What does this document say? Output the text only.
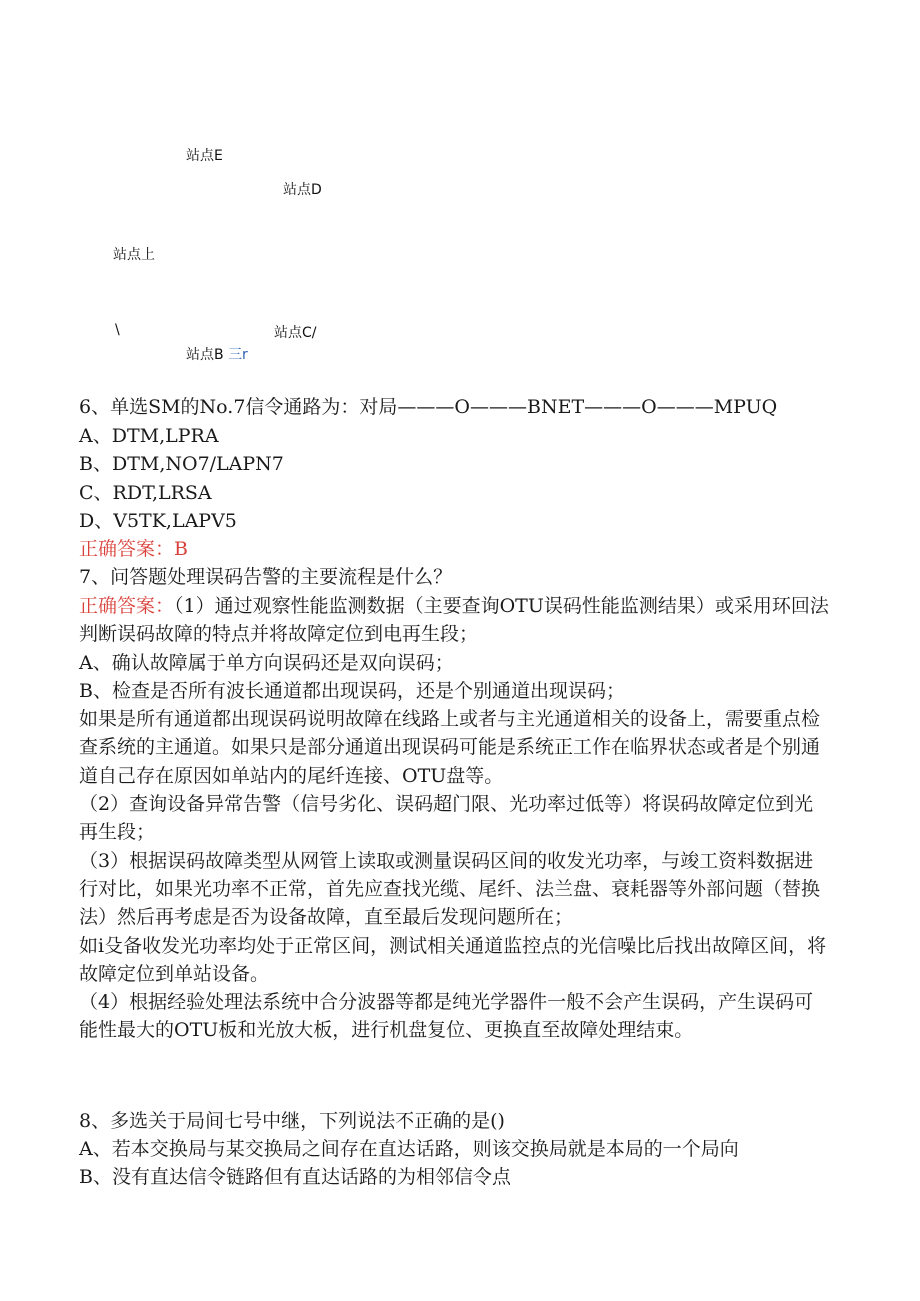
站点E
站点D
站点上
\	站点C/
站点B 三r
6、单选SM的No.7信令通路为：对局———O———BNET———O———MPUQ
A、DTM,LPRA
B、DTM,NO7/LAPN7
C、RDT,LRSA
D、V5TK,LAPV5
正确答案：B
7、问答题处理误码告警的主要流程是什么？
正确答案：（1）通过观察性能监测数据（主要查询OTU误码性能监测结果）或采用环回法判断误码故障的特点并将故障定位到电再生段；
A、确认故障属于单方向误码还是双向误码；
B、检查是否所有波长通道都出现误码，还是个别通道出现误码；
如果是所有通道都出现误码说明故障在线路上或者与主光通道相关的设备上，需要重点检查系统的主通道。如果只是部分通道出现误码可能是系统正工作在临界状态或者是个别通道自己存在原因如单站内的尾纤连接、OTU盘等。
（2）查询设备异常告警（信号劣化、误码超门限、光功率过低等）将误码故障定位到光再生段；
（3）根据误码故障类型从网管上读取或测量误码区间的收发光功率，与竣工资料数据进行对比，如果光功率不正常，首先应查找光缆、尾纤、法兰盘、衰耗器等外部问题（替换法）然后再考虑是否为设备故障，直至最后发现问题所在；
如i殳备收发光功率均处于正常区间，测试相关通道监控点的光信噪比后找出故障区间，将故障定位到单站设备。
（4）根据经验处理法系统中合分波器等都是纯光学器件一般不会产生误码，产生误码可能性最大的OTU板和光放大板，进行机盘复位、更换直至故障处理结束。
8、多选关于局间七号中继，下列说法不正确的是()
A、若本交换局与某交换局之间存在直达话路，则该交换局就是本局的一个局向
B、没有直达信令链路但有直达话路的为相邻信令点
